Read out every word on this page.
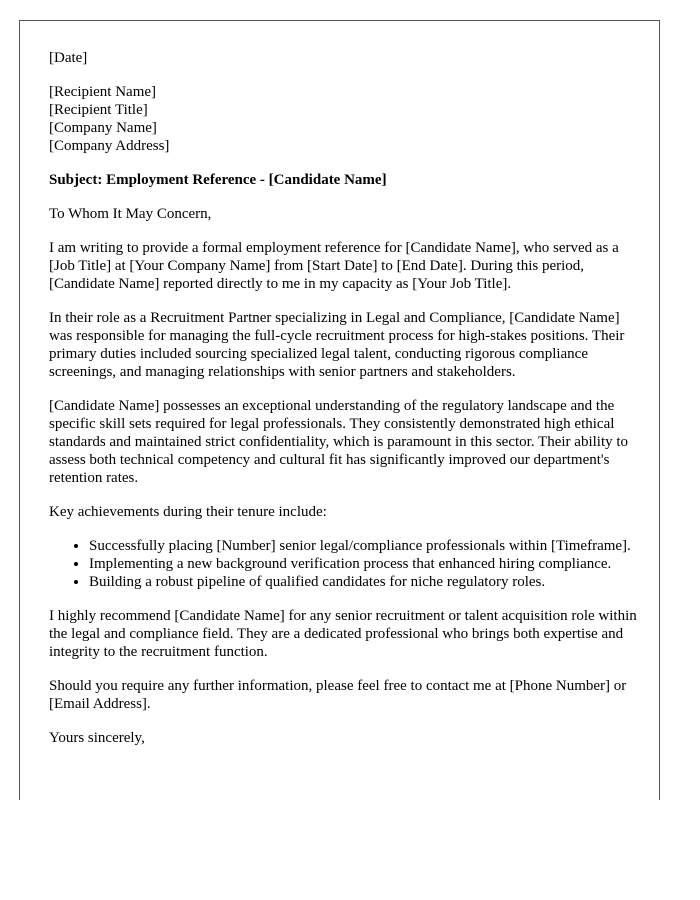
[Date]

[Recipient Name]
[Recipient Title]
[Company Name]
[Company Address]

Subject: Employment Reference - [Candidate Name]

To Whom It May Concern,

I am writing to provide a formal employment reference for [Candidate Name], who served as a [Job Title] at [Your Company Name] from [Start Date] to [End Date]. During this period, [Candidate Name] reported directly to me in my capacity as [Your Job Title].

In their role as a Recruitment Partner specializing in Legal and Compliance, [Candidate Name] was responsible for managing the full-cycle recruitment process for high-stakes positions. Their primary duties included sourcing specialized legal talent, conducting rigorous compliance screenings, and managing relationships with senior partners and stakeholders.

[Candidate Name] possesses an exceptional understanding of the regulatory landscape and the specific skill sets required for legal professionals. They consistently demonstrated high ethical standards and maintained strict confidentiality, which is paramount in this sector. Their ability to assess both technical competency and cultural fit has significantly improved our department's retention rates.

Key achievements during their tenure include:

• Successfully placing [Number] senior legal/compliance professionals within [Timeframe].
• Implementing a new background verification process that enhanced hiring compliance.
• Building a robust pipeline of qualified candidates for niche regulatory roles.

I highly recommend [Candidate Name] for any senior recruitment or talent acquisition role within the legal and compliance field. They are a dedicated professional who brings both expertise and integrity to the recruitment function.

Should you require any further information, please feel free to contact me at [Phone Number] or [Email Address].

Yours sincerely,
